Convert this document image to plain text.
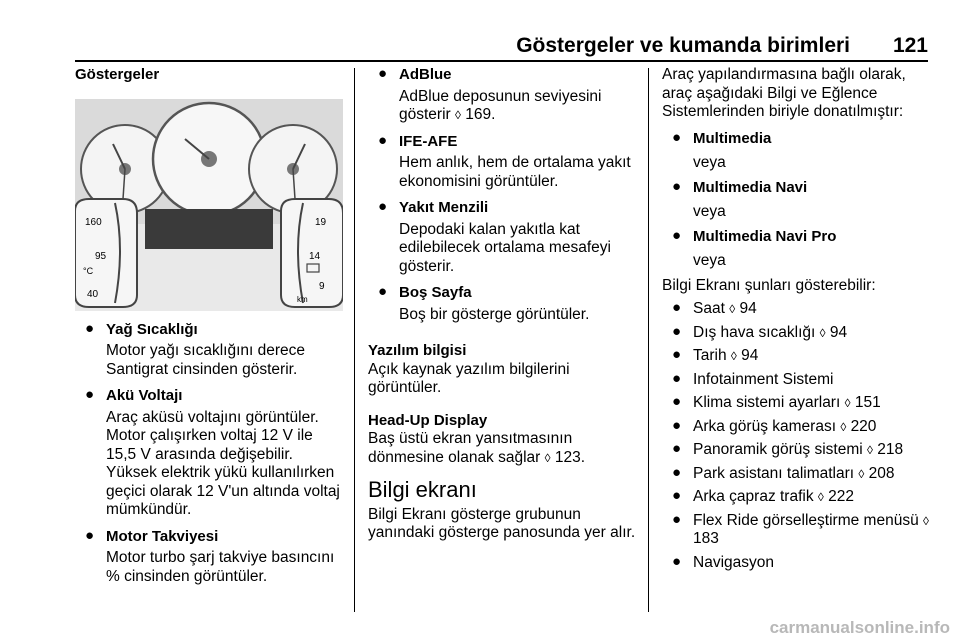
Göstergeler ve kumanda birimleri 121
Göstergeler
160
95
°C
40
19
14
9
km
● Yağ Sıcaklığı
Motor yağı sıcaklığını derece Santigrat cinsinden gösterir.
● Akü Voltajı
Araç aküsü voltajını görüntüler. Motor çalışırken voltaj 12 V ile 15,5 V arasında değişebilir. Yüksek elektrik yükü kullanılırken geçici olarak 12 V'un altında voltaj mümkündür.
● Motor Takviyesi
Motor turbo şarj takviye basıncını % cinsinden görüntüler.
● AdBlue
AdBlue deposunun seviyesini gösterir ◊ 169.
● IFE-AFE
Hem anlık, hem de ortalama yakıt ekonomisini görüntüler.
● Yakıt Menzili
Depodaki kalan yakıtla kat edilebilecek ortalama mesafeyi gösterir.
● Boş Sayfa
Boş bir gösterge görüntüler.
Yazılım bilgisi

Açık kaynak yazılım bilgilerini görüntüler.

Head-Up Display

Baş üstü ekran yansıtmasının dönmesine olanak sağlar ◊ 123.

Bilgi ekranı

Bilgi Ekranı gösterge grubunun yanındaki gösterge panosunda yer alır.

Araç yapılandırmasına bağlı olarak, araç aşağıdaki Bilgi ve Eğlence Sistemlerinden biriyle donatılmıştır:

● Multimedia
veya
● Multimedia Navi
veya
● Multimedia Navi Pro
veya

Bilgi Ekranı şunları gösterebilir:

● Saat ◊ 94
● Dış hava sıcaklığı ◊ 94
● Tarih ◊ 94
● Infotainment Sistemi
● Klima sistemi ayarları ◊ 151
● Arka görüş kamerası ◊ 220
● Panoramik görüş sistemi ◊ 218
● Park asistanı talimatları ◊ 208
● Arka çapraz trafik ◊ 222
● Flex Ride görselleştirme menüsü ◊ 183
● Navigasyon
carmanualsonline.info
